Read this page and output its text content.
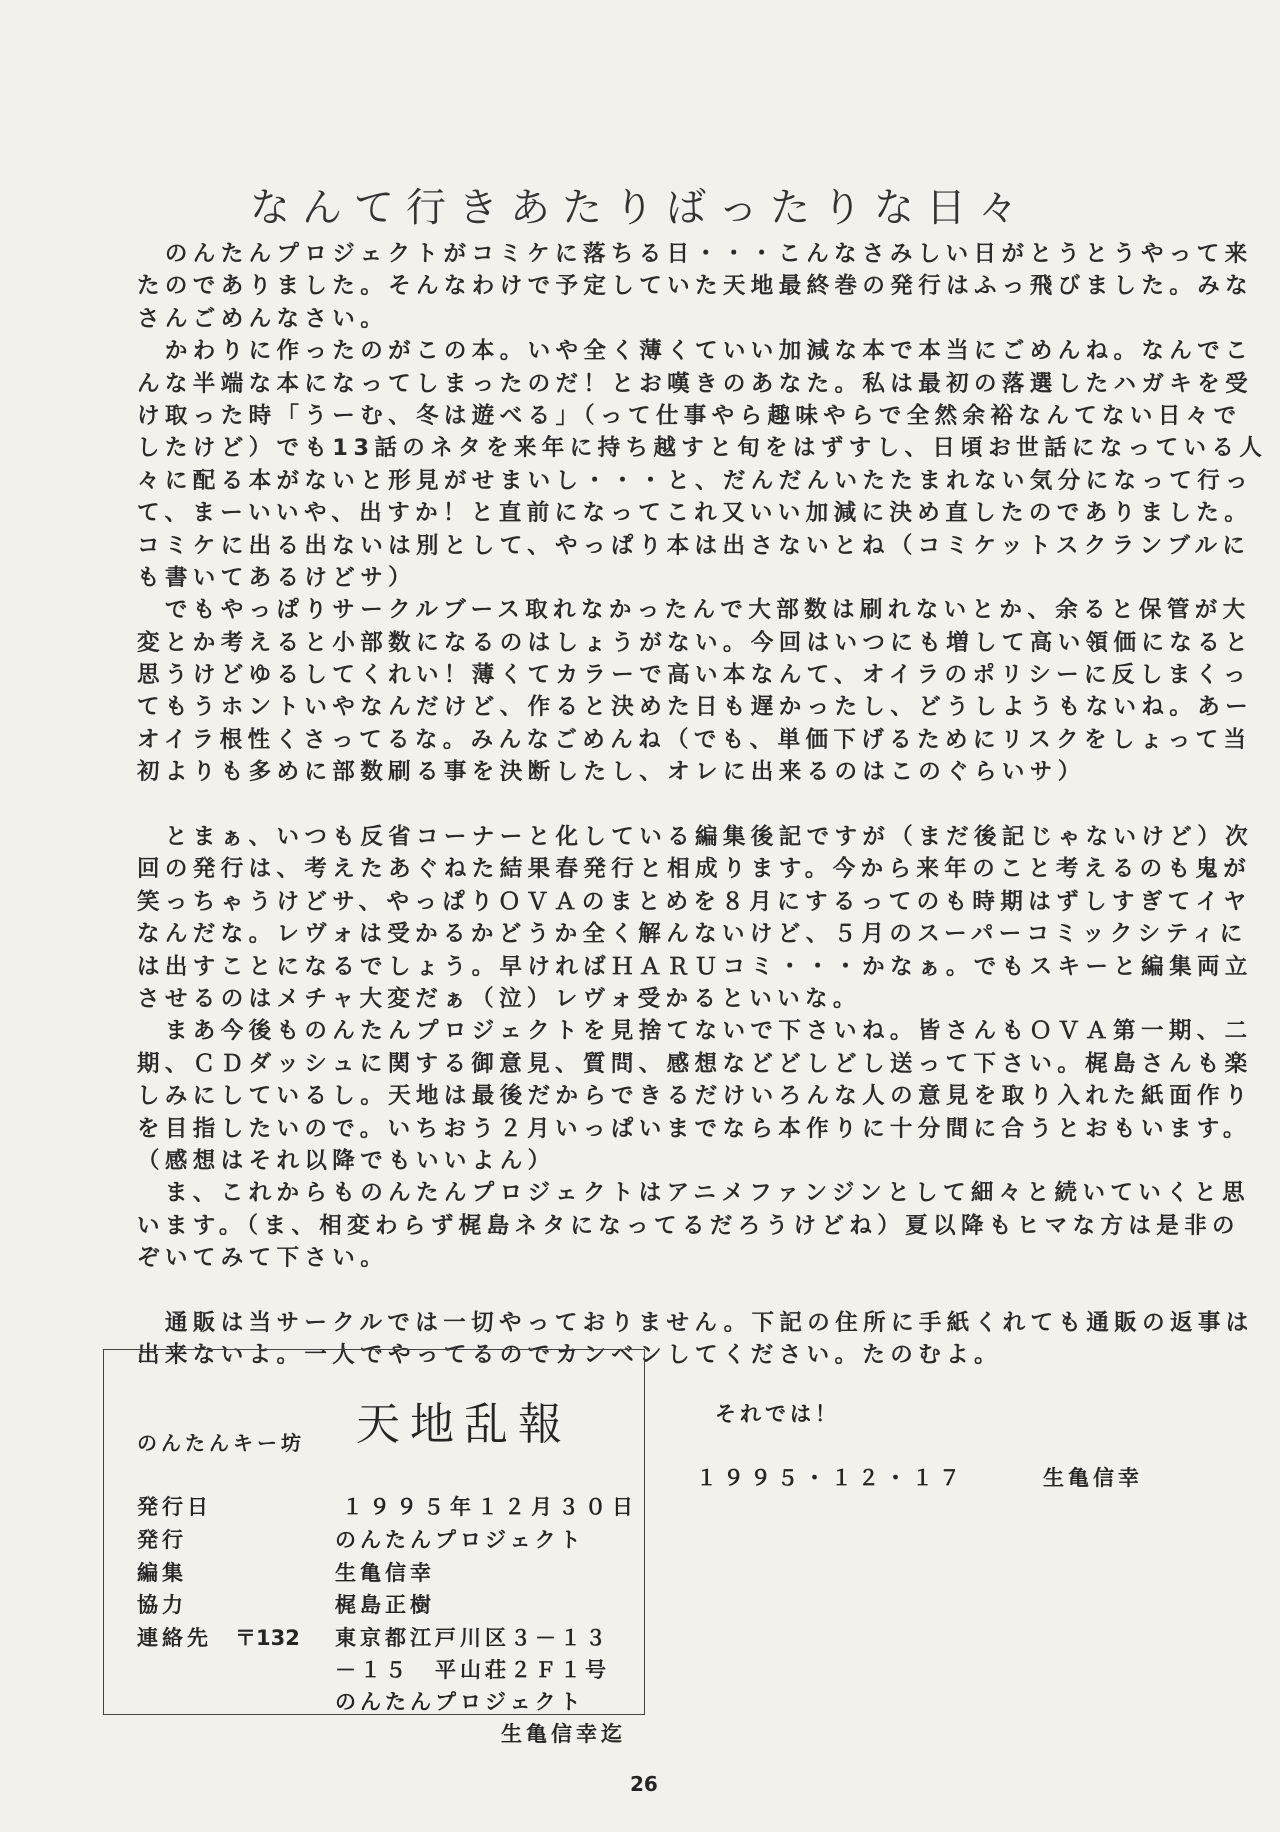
なんて行きあたりばったりな日々
　のんたんプロジェクトがコミケに落ちる日・・・こんなさみしい日がとうとうやって来
たのでありました。そんなわけで予定していた天地最終巻の発行はふっ飛びました。みな
さんごめんなさい。
　かわりに作ったのがこの本。いや全く薄くていい加減な本で本当にごめんね。なんでこ
んな半端な本になってしまったのだ！とお嘆きのあなた。私は最初の落選したハガキを受
け取った時「うーむ、冬は遊べる」（って仕事やら趣味やらで全然余裕なんてない日々で
したけど）でも13話のネタを来年に持ち越すと旬をはずすし、日頃お世話になっている人
々に配る本がないと形見がせまいし・・・と、だんだんいたたまれない気分になって行っ
て、まーいいや、出すか！と直前になってこれ又いい加減に決め直したのでありました。
コミケに出る出ないは別として、やっぱり本は出さないとね（コミケットスクランブルに
も書いてあるけどサ）
　でもやっぱりサークルブース取れなかったんで大部数は刷れないとか、余ると保管が大
変とか考えると小部数になるのはしょうがない。今回はいつにも増して高い領価になると
思うけどゆるしてくれい！薄くてカラーで高い本なんて、オイラのポリシーに反しまくっ
てもうホントいやなんだけど、作ると決めた日も遅かったし、どうしようもないね。あー
オイラ根性くさってるな。みんなごめんね（でも、単価下げるためにリスクをしょって当
初よりも多めに部数刷る事を決断したし、オレに出来るのはこのぐらいサ）
　とまぁ、いつも反省コーナーと化している編集後記ですが（まだ後記じゃないけど）次
回の発行は、考えたあぐねた結果春発行と相成ります。今から来年のこと考えるのも鬼が
笑っちゃうけどサ、やっぱりＯＶＡのまとめを８月にするってのも時期はずしすぎてイヤ
なんだな。レヴォは受かるかどうか全く解んないけど、５月のスーパーコミックシティに
は出すことになるでしょう。早ければＨＡＲＵコミ・・・かなぁ。でもスキーと編集両立
させるのはメチャ大変だぁ（泣）レヴォ受かるといいな。
　まあ今後ものんたんプロジェクトを見捨てないで下さいね。皆さんもＯＶＡ第一期、二
期、ＣＤダッシュに関する御意見、質問、感想などどしどし送って下さい。梶島さんも楽
しみにしているし。天地は最後だからできるだけいろんな人の意見を取り入れた紙面作り
を目指したいので。いちおう２月いっぱいまでなら本作りに十分間に合うとおもいます。
（感想はそれ以降でもいいよん）
　ま、これからものんたんプロジェクトはアニメファンジンとして細々と続いていくと思
います。（ま、相変わらず梶島ネタになってるだろうけどね）夏以降もヒマな方は是非の
ぞいてみて下さい。
　通販は当サークルでは一切やっておりません。下記の住所に手紙くれても通販の返事は
出来ないよ。一人でやってるのでカンベンしてください。たのむよ。
天地乱報
のんたんキー坊
発行日	１９９５年１２月３０日
発行	のんたんプロジェクト
編集	生亀信幸
協力	梶島正樹
連絡先 〒132 東京都江戸川区３－１３
－１５　平山荘２Ｆ１号
のんたんプロジェクト
生亀信幸迄
それでは！
１９９５・１２・１７	生亀信幸
26
